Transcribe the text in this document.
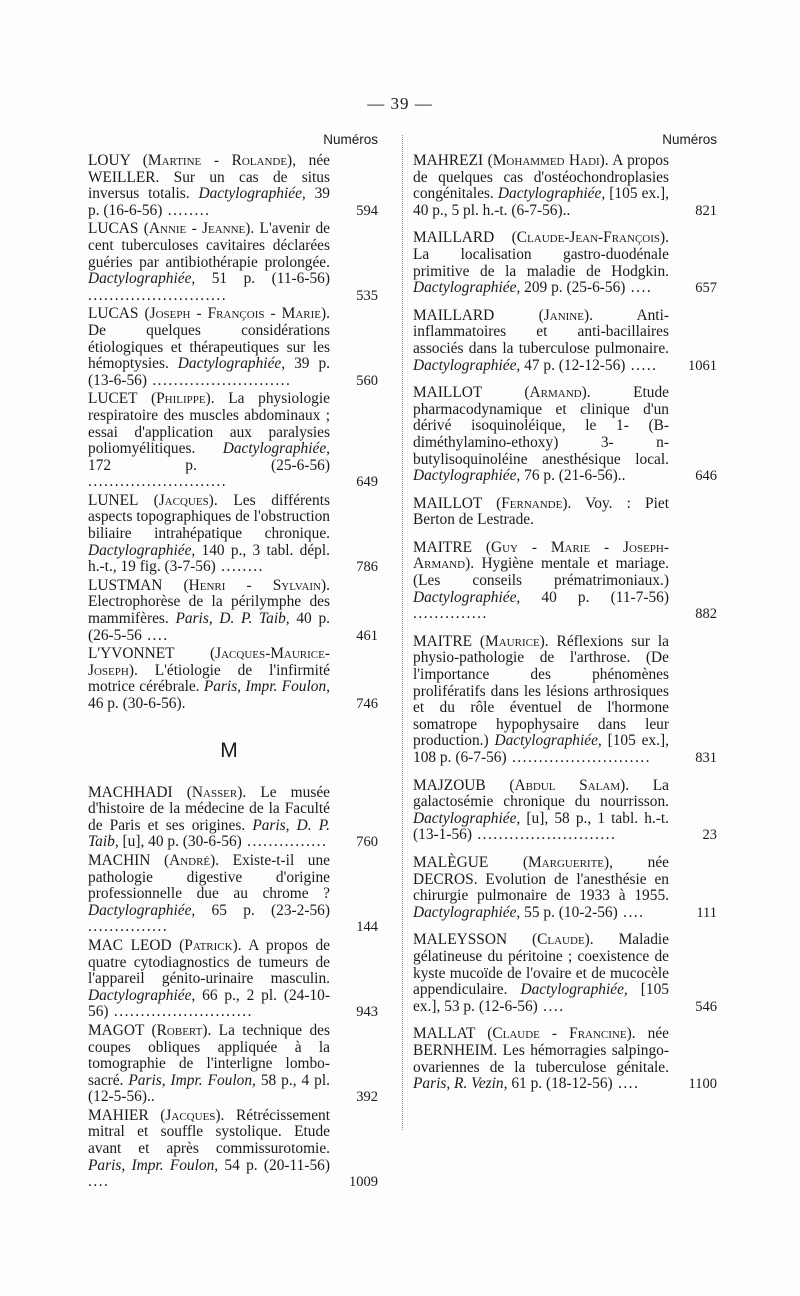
— 39 —
Numéros
LOUY (Martine - Rolande), née WEILLER. Sur un cas de situs inversus totalis. Dactylographiée, 39 p. (16-6-56) ........	594
LUCAS (Annie - Jeanne). L'avenir de cent tuberculoses cavitaires déclarées guéries par antibiothérapie prolongée. Dactylographiée, 51 p. (11-6-56) ..........................	535
LUCAS (Joseph - François - Marie). De quelques considérations étiologiques et thérapeutiques sur les hémoptysies. Dactylographiée, 39 p. (13-6-56) ..........................	560
LUCET (Philippe). La physiologie respiratoire des muscles abdominaux ; essai d'application aux paralysies poliomyélitiques. Dactylographiée, 172 p. (25-6-56) ..........................	649
LUNEL (Jacques). Les différents aspects topographiques de l'obstruction biliaire intrahépatique chronique. Dactylographiée, 140 p., 3 tabl. dépl. h.-t., 19 fig. (3-7-56) ........	786
LUSTMAN (Henri - Sylvain). Electrophorèse de la périlymphe des mammifères. Paris, D. P. Taib, 40 p. (26-5-56 ....	461
L'YVONNET (Jacques-Maurice-Joseph). L'étiologie de l'infirmité motrice cérébrale. Paris, Impr. Foulon, 46 p. (30-6-56).	746
M
MACHHADI (Nasser). Le musée d'histoire de la médecine de la Faculté de Paris et ses origines. Paris, D. P. Taib, [u], 40 p. (30-6-56) ...............	760
MACHIN (André). Existe-t-il une pathologie digestive d'origine professionnelle due au chrome ? Dactylographiée, 65 p. (23-2-56) ...............	144
MAC LEOD (Patrick). A propos de quatre cytodiagnostics de tumeurs de l'appareil génito-urinaire masculin. Dactylographiée, 66 p., 2 pl. (24-10-56) ..........................	943
MAGOT (Robert). La technique des coupes obliques appliquée à la tomographie de l'interligne lombo-sacré. Paris, Impr. Foulon, 58 p., 4 pl. (12-5-56)..	392
MAHIER (Jacques). Rétrécissement mitral et souffle systolique. Etude avant et après commissurotomie. Paris, Impr. Foulon, 54 p. (20-11-56) ....	1009
Numéros
MAHREZI (Mohammed Hadi). A propos de quelques cas d'ostéochondroplasies congénitales. Dactylographiée, [105 ex.], 40 p., 5 pl. h.-t. (6-7-56)..	821
MAILLARD (Claude-Jean-François). La localisation gastro-duodénale primitive de la maladie de Hodgkin. Dactylographiée, 209 p. (25-6-56) ....	657
MAILLARD (Janine). Anti-inflammatoires et anti-bacillaires associés dans la tuberculose pulmonaire. Dactylographiée, 47 p. (12-12-56) .....	1061
MAILLOT (Armand). Etude pharmacodynamique et clinique d'un dérivé isoquinoléique, le 1- (B-diméthylamino-ethoxy) 3- n- butylisoquinoléine anesthésique local. Dactylographiée, 76 p. (21-6-56)..	646
MAILLOT (Fernande). Voy. : Piet Berton de Lestrade.
MAITRE (Guy - Marie - Joseph-Armand). Hygiène mentale et mariage. (Les conseils prématrimoniaux.) Dactylographiée, 40 p. (11-7-56) ..............	882
MAITRE (Maurice). Réflexions sur la physio-pathologie de l'arthrose. (De l'importance des phénomènes prolifératifs dans les lésions arthrosiques et du rôle éventuel de l'hormone somatrope hypophysaire dans leur production.) Dactylographiée, [105 ex.], 108 p. (6-7-56) ..........................	831
MAJZOUB (Abdul Salam). La galactosémie chronique du nourrisson. Dactylographiée, [u], 58 p., 1 tabl. h.-t. (13-1-56) ..........................	23
MALÈGUE (Marguerite), née DECROS. Evolution de l'anesthésie en chirurgie pulmonaire de 1933 à 1955. Dactylographiée, 55 p. (10-2-56) ....	111
MALEYSSON (Claude). Maladie gélatineuse du péritoine ; coexistence de kyste mucoïde de l'ovaire et de mucocèle appendiculaire. Dactylographiée, [105 ex.], 53 p. (12-6-56) ....	546
MALLAT (Claude - Francine). née BERNHEIM. Les hémorragies salpingo-ovariennes de la tuberculose génitale. Paris, R. Vezin, 61 p. (18-12-56) ....	1100
